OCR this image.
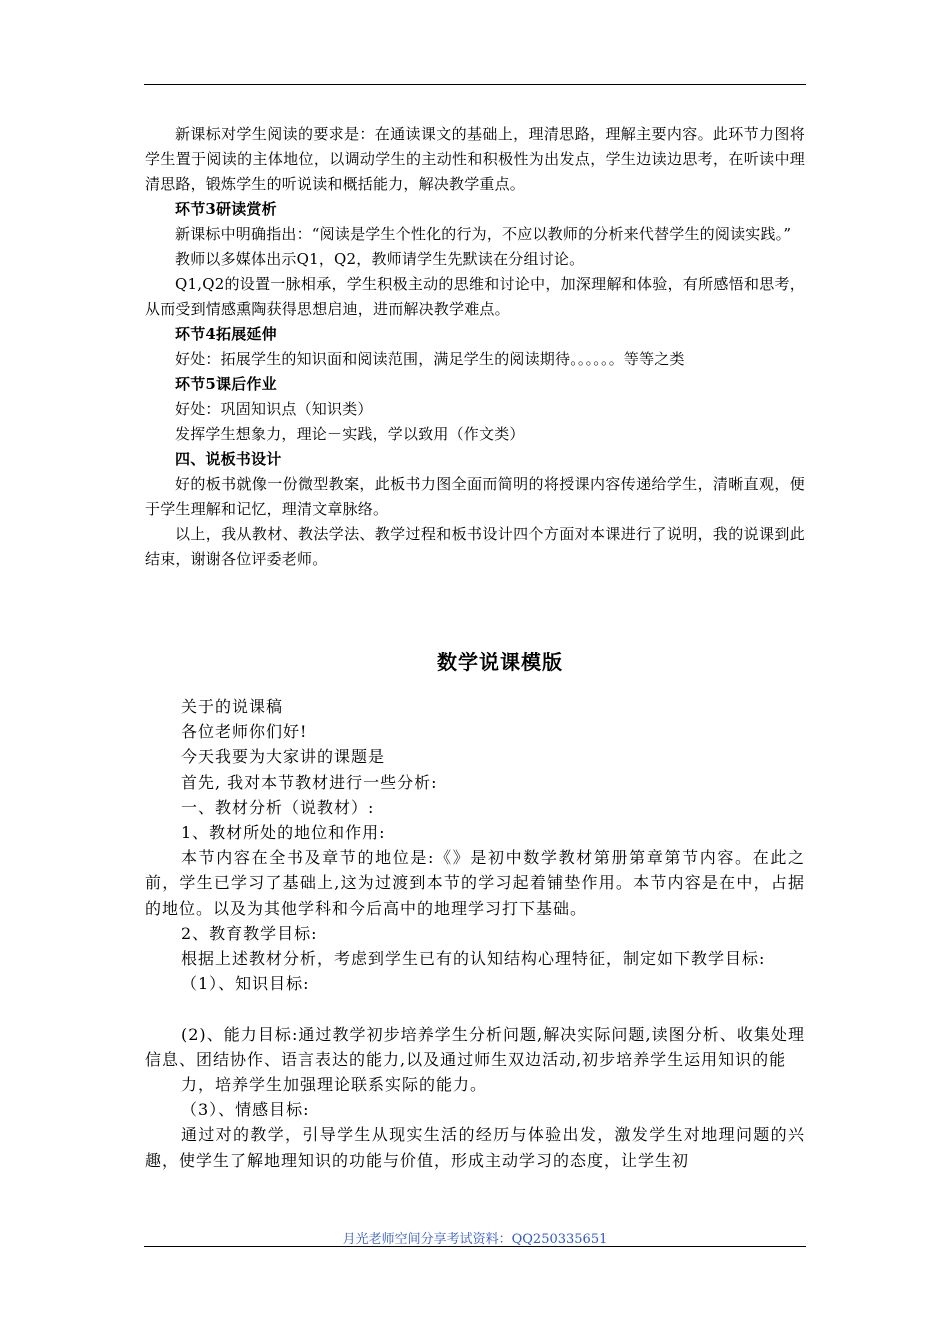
新课标对学生阅读的要求是：在通读课文的基础上，理清思路，理解主要内容。此环节力图将学生置于阅读的主体地位，以调动学生的主动性和积极性为出发点，学生边读边思考，在听读中理清思路，锻炼学生的听说读和概括能力，解决教学重点。

环节3研读赏析

新课标中明确指出：“阅读是学生个性化的行为，不应以教师的分析来代替学生的阅读实践。”

教师以多媒体出示Q1，Q2，教师请学生先默读在分组讨论。

Q1,Q2的设置一脉相承，学生积极主动的思维和讨论中，加深理解和体验，有所感悟和思考，从而受到情感熏陶获得思想启迪，进而解决教学难点。

环节4拓展延伸

好处：拓展学生的知识面和阅读范围，满足学生的阅读期待。。。。。。等等之类

环节5课后作业

好处：巩固知识点（知识类）

发挥学生想象力，理论－实践，学以致用（作文类）

四、说板书设计

好的板书就像一份微型教案，此板书力图全面而简明的将授课内容传递给学生，清晰直观，便于学生理解和记忆，理清文章脉络。

以上，我从教材、教法学法、教学过程和板书设计四个方面对本课进行了说明，我的说课到此结束，谢谢各位评委老师。

数学说课模版

关于的说课稿

各位老师你们好!

今天我要为大家讲的课题是

首先, 我对本节教材进行一些分析:

一、教材分析（说教材）:

1、教材所处的地位和作用:

本节内容在全书及章节的地位是:《》是初中数学教材第册第章第节内容。在此之前，学生已学习了基础上,这为过渡到本节的学习起着铺垫作用。本节内容是在中，占据的地位。以及为其他学科和今后高中的地理学习打下基础。

2、教育教学目标:

根据上述教材分析，考虑到学生已有的认知结构心理特征，制定如下教学目标:

（1）、知识目标:

(2)、能力目标:通过教学初步培养学生分析问题,解决实际问题,读图分析、收集处理信息、团结协作、语言表达的能力,以及通过师生双边活动,初步培养学生运用知识的能

力，培养学生加强理论联系实际的能力。

（3）、情感目标:

通过对的教学，引导学生从现实生活的经历与体验出发，激发学生对地理问题的兴趣，使学生了解地理知识的功能与价值，形成主动学习的态度，让学生初

月光老师空间分享考试资料：QQ250335651
